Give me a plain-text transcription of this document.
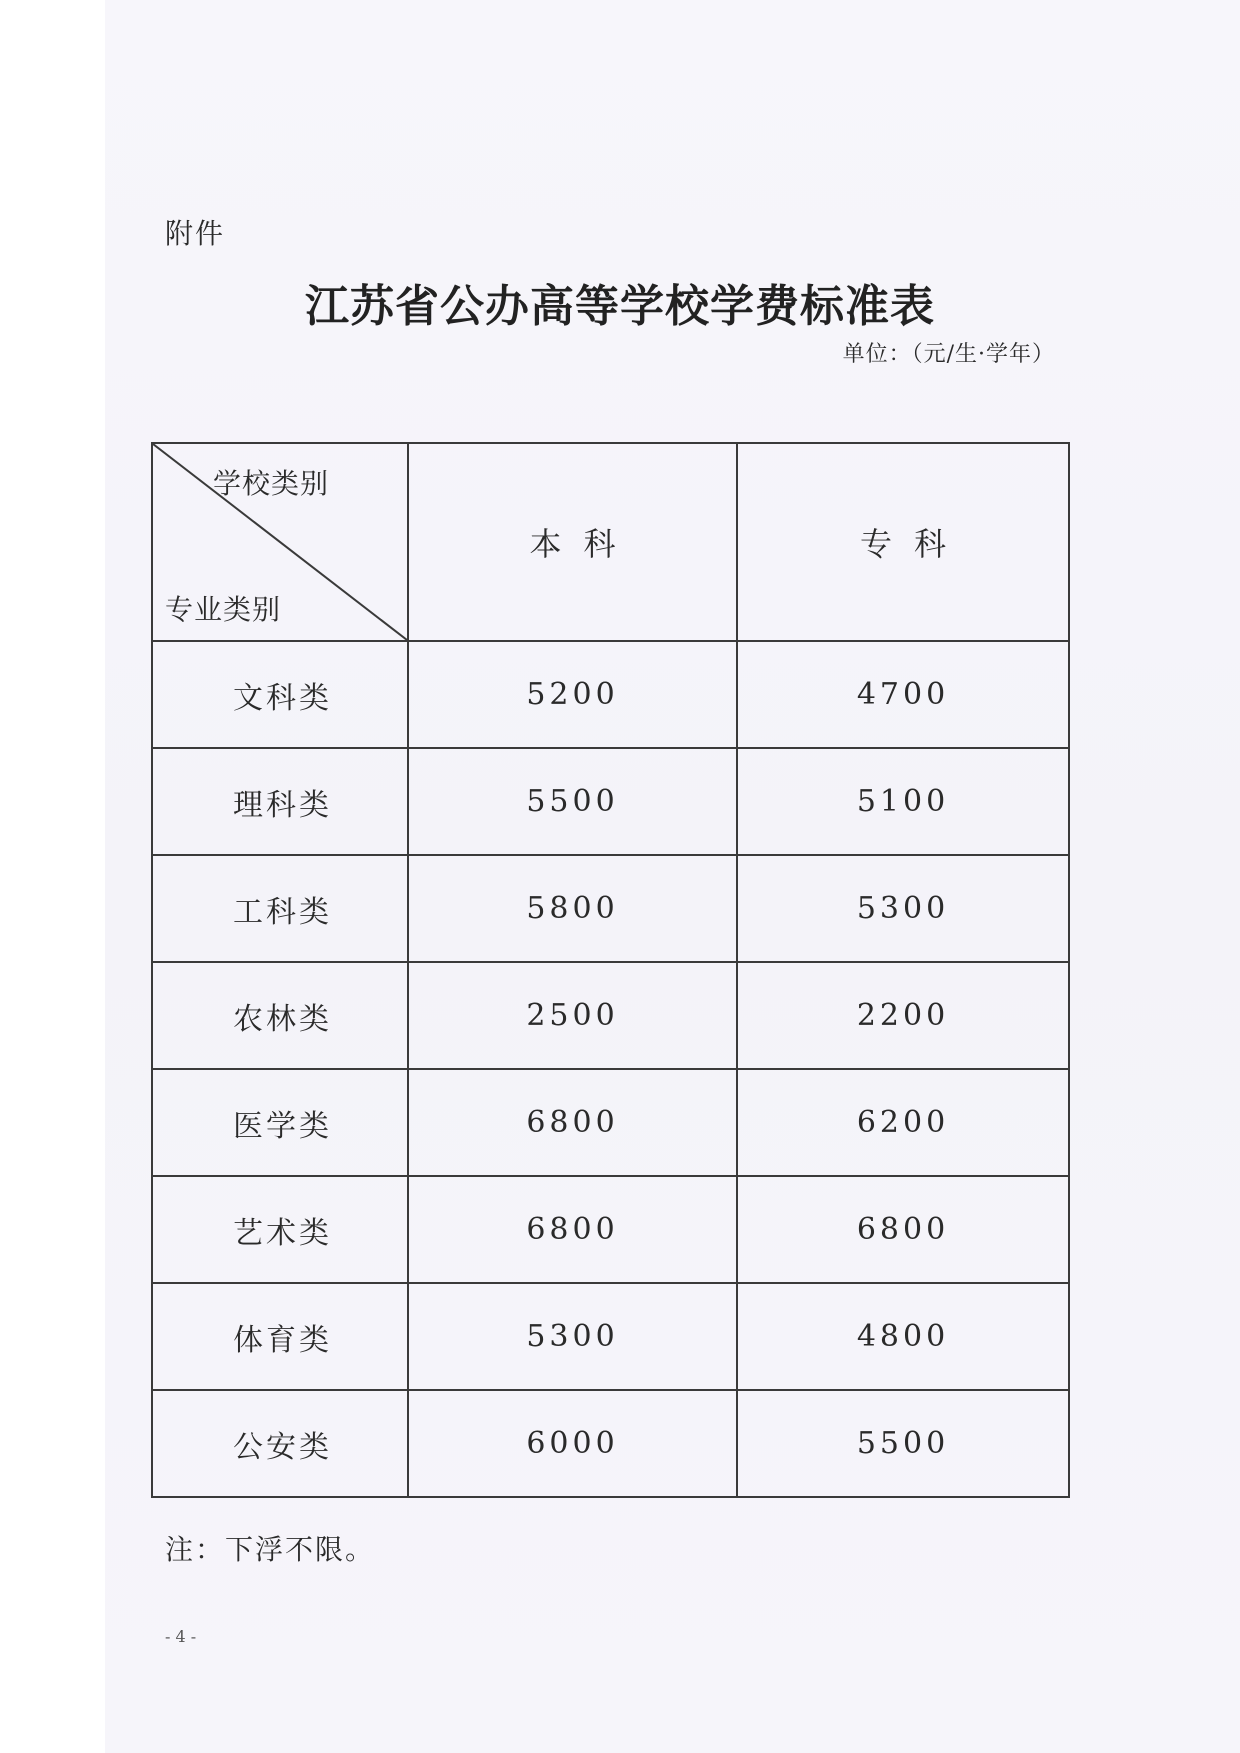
附件
江苏省公办高等学校学费标准表
单位：（元/生·学年）
学校类别
专业类别	本科	专科
文科类	5200	4700
理科类	5500	5100
工科类	5800	5300
农林类	2500	2200
医学类	6800	6200
艺术类	6800	6800
体育类	5300	4800
公安类	6000	5500
注：下浮不限。
- 4 -
